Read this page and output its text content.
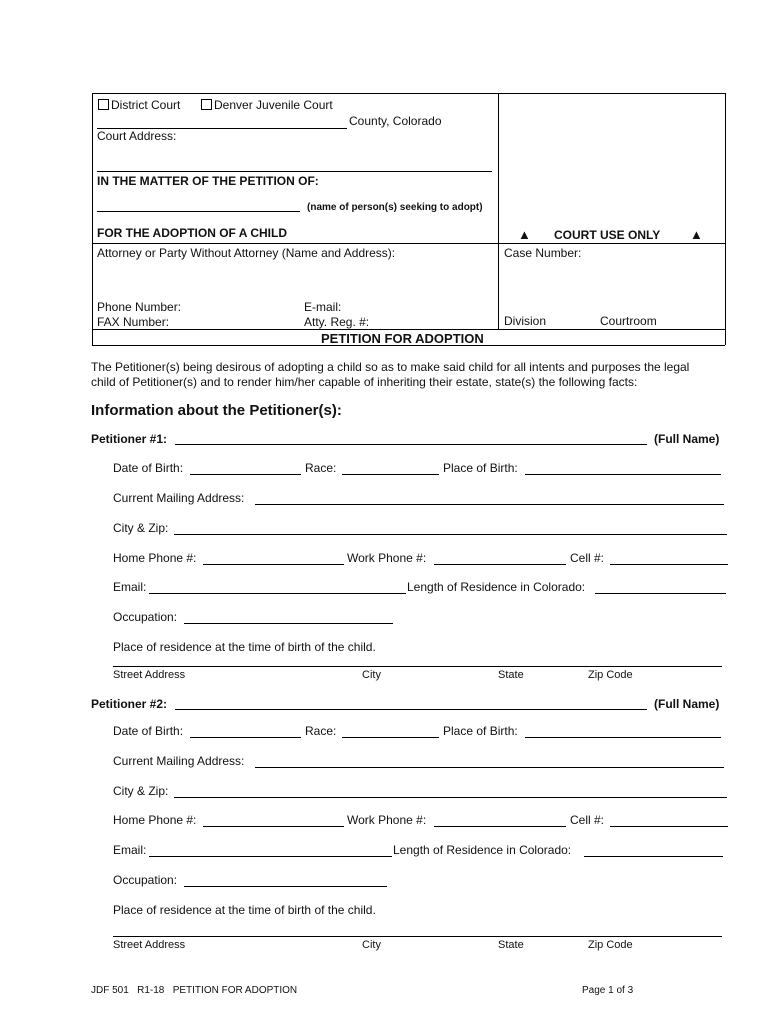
District Court	Denver Juvenile Court
County, Colorado
Court Address:
IN THE MATTER OF THE PETITION OF:
(name of person(s) seeking to adopt)
FOR THE ADOPTION OF A CHILD	▲ COURT USE ONLY ▲
Attorney or Party Without Attorney (Name and Address):	Case Number:
Phone Number:	E-mail:
FAX Number:	Atty. Reg. #:	Division	Courtroom
PETITION FOR ADOPTION
The Petitioner(s) being desirous of adopting a child so as to make said child for all intents and purposes the legal
child of Petitioner(s) and to render him/her capable of inheriting their estate, state(s) the following facts:
Information about the Petitioner(s):
Petitioner #1:	(Full Name)
Date of Birth:	Race:	Place of Birth:
Current Mailing Address:
City & Zip:
Home Phone #:	Work Phone #:	Cell #:
Email:	Length of Residence in Colorado:
Occupation:
Place of residence at the time of birth of the child.
Street Address	City	State	Zip Code
Petitioner #2:	(Full Name)
Date of Birth:	Race:	Place of Birth:
Current Mailing Address:
City & Zip:
Home Phone #:	Work Phone #:	Cell #:
Email:	Length of Residence in Colorado:
Occupation:
Place of residence at the time of birth of the child.
Street Address	City	State	Zip Code
JDF 501   R1-18   PETITION FOR ADOPTION	Page 1 of 3
